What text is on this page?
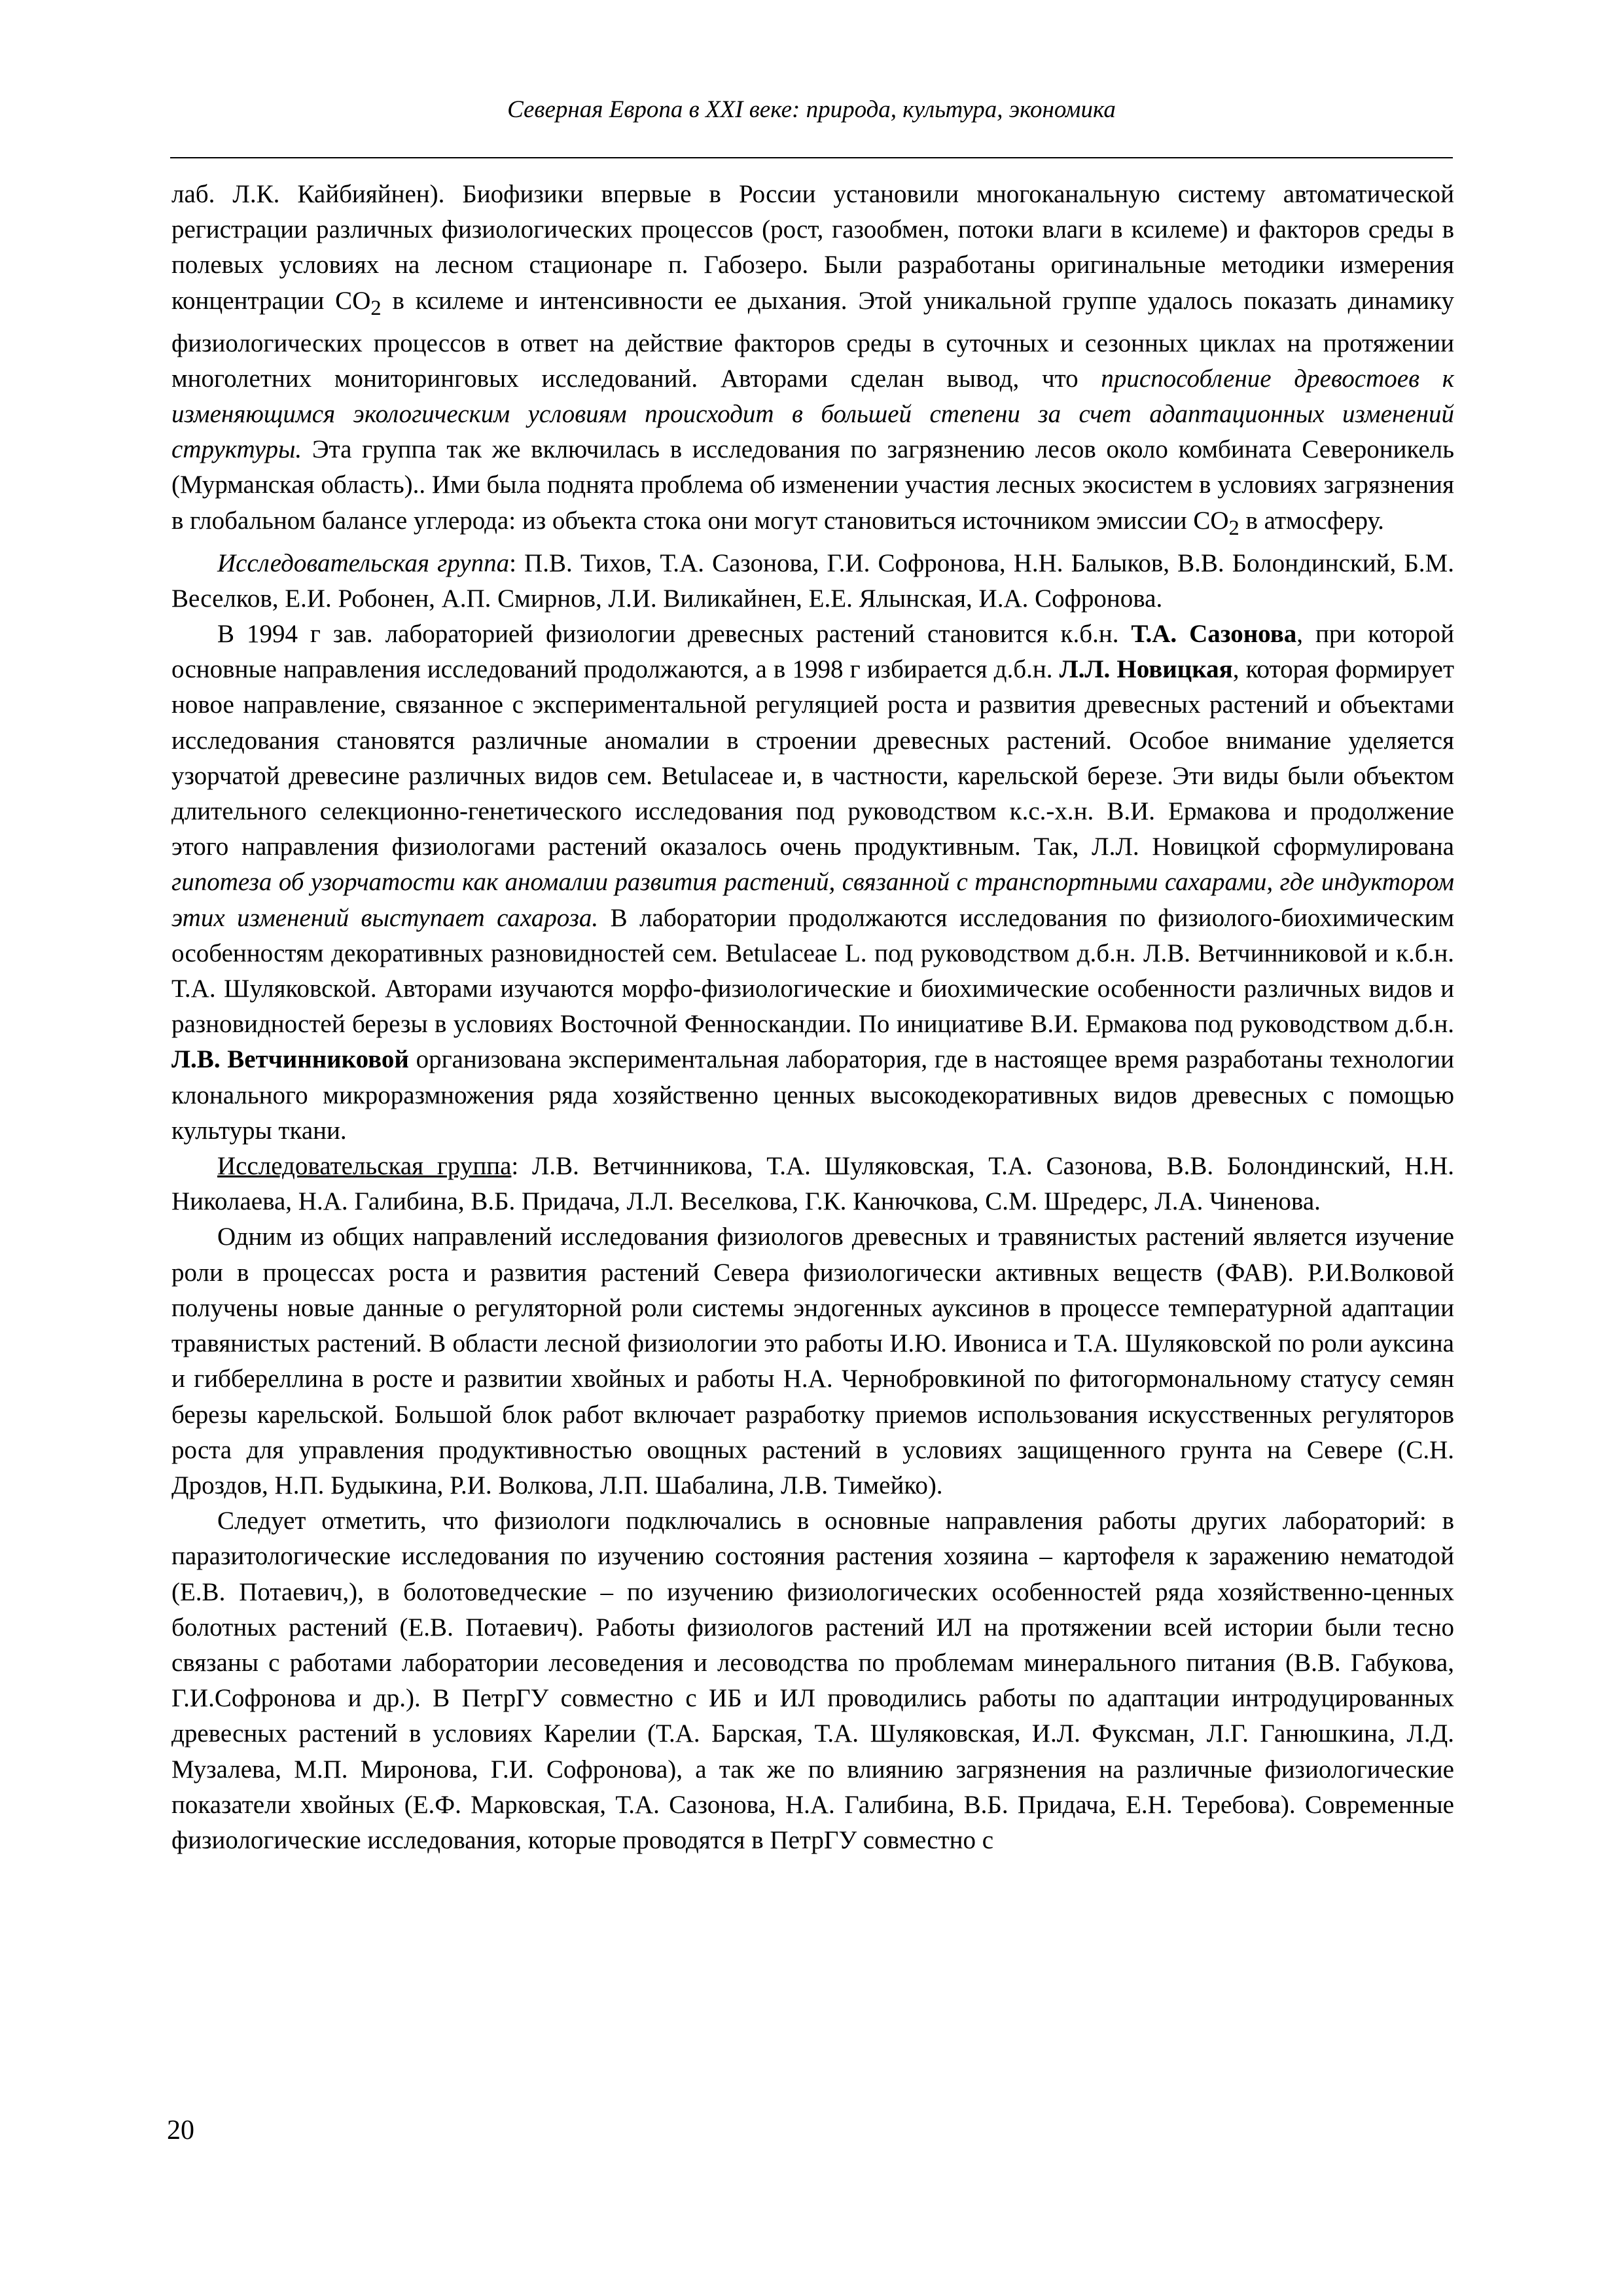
Северная Европа в XXI веке: природа, культура, экономика

лаб. Л.К. Кайбияйнен). Биофизики впервые в России установили многоканальную систему автоматической регистрации различных физиологических процессов (рост, газообмен, потоки влаги в ксилеме) и факторов среды в полевых условиях на лесном стационаре п. Габозеро. Были разработаны оригинальные методики измерения концентрации $CO_2$ в ксилеме и интенсивности ее дыхания. Этой уникальной группе удалось показать динамику физиологических процессов в ответ на действие факторов среды в суточных и сезонных циклах на протяжении многолетних мониторинговых исследований. Авторами сделан вывод, что приспособление древостоев к изменяющимся экологическим условиям происходит в большей степени за счет адаптационных изменений структуры. Эта группа так же включилась в исследования по загрязнению лесов около комбината Североникель (Мурманская область).. Ими была поднята проблема об изменении участия лесных экосистем в условиях загрязнения в глобальном балансе углерода: из объекта стока они могут становиться источником эмиссии $CO_2$ в атмосферу.

Исследовательская группа: П.В. Тихов, Т.А. Сазонова, Г.И. Софронова, Н.Н. Балыков, В.В. Болондинский, Б.М. Веселков, Е.И. Робонен, А.П. Смирнов, Л.И. Виликайнен, Е.Е. Ялынская, И.А. Софронова.

В 1994 г зав. лабораторией физиологии древесных растений становится к.б.н. Т.А. Сазонова, при которой основные направления исследований продолжаются, а в 1998 г избирается д.б.н. Л.Л. Новицкая, которая формирует новое направление, связанное с экспериментальной регуляцией роста и развития древесных растений и объектами исследования становятся различные аномалии в строении древесных растений. Особое внимание уделяется узорчатой древесине различных видов сем. Betulaceae и, в частности, карельской березе. Эти виды были объектом длительного селекционно-генетического исследования под руководством к.с.-х.н. В.И. Ермакова и продолжение этого направления физиологами растений оказалось очень продуктивным. Так, Л.Л. Новицкой сформулирована гипотеза об узорчатости как аномалии развития растений, связанной с транспортными сахарами, где индуктором этих изменений выступает сахароза. В лаборатории продолжаются исследования по физиолого-биохимическим особенностям декоративных разновидностей сем. Betulaceae L. под руководством д.б.н. Л.В. Ветчинниковой и к.б.н. Т.А. Шуляковской. Авторами изучаются морфо-физиологические и биохимические особенности различных видов и разновидностей березы в условиях Восточной Фенноскандии. По инициативе В.И. Ермакова под руководством д.б.н. Л.В. Ветчинниковой организована экспериментальная лаборатория, где в настоящее время разработаны технологии клонального микроразмножения ряда хозяйственно ценных высокодекоративных видов древесных с помощью культуры ткани.

Исследовательская группа: Л.В. Ветчинникова, Т.А. Шуляковская, Т.А. Сазонова, В.В. Болондинский, Н.Н. Николаева, Н.А. Галибина, В.Б. Придача, Л.Л. Веселкова, Г.К. Канючкова, С.М. Шредерс, Л.А. Чиненова.

Одним из общих направлений исследования физиологов древесных и травянистых растений является изучение роли в процессах роста и развития растений Севера физиологически активных веществ (ФАВ). Р.И.Волковой получены новые данные о регуляторной роли системы эндогенных ауксинов в процессе температурной адаптации травянистых растений. В области лесной физиологии это работы И.Ю. Ивониса и Т.А. Шуляковской по роли ауксина и гиббереллина в росте и развитии хвойных и работы Н.А. Чернобровкиной по фитогормональному статусу семян березы карельской. Большой блок работ включает разработку приемов использования искусственных регуляторов роста для управления продуктивностью овощных растений в условиях защищенного грунта на Севере (С.Н. Дроздов, Н.П. Будыкина, Р.И. Волкова, Л.П. Шабалина, Л.В. Тимейко).

Следует отметить, что физиологи подключались в основные направления работы других лабораторий: в паразитологические исследования по изучению состояния растения хозяина – картофеля к заражению нематодой (Е.В. Потаевич,), в болотоведческие – по изучению физиологических особенностей ряда хозяйственно-ценных болотных растений (Е.В. Потаевич). Работы физиологов растений ИЛ на протяжении всей истории были тесно связаны с работами лаборатории лесоведения и лесоводства по проблемам минерального питания (В.В. Габукова, Г.И.Софронова и др.). В ПетрГУ совместно с ИБ и ИЛ проводились работы по адаптации интродуцированных древесных растений в условиях Карелии (Т.А. Барская, Т.А. Шуляковская, И.Л. Фуксман, Л.Г. Ганюшкина, Л.Д. Музалева, М.П. Миронова, Г.И. Софронова), а так же по влиянию загрязнения на различные физиологические показатели хвойных (Е.Ф. Марковская, Т.А. Сазонова, Н.А. Галибина, В.Б. Придача, Е.Н. Теребова). Современные физиологические исследования, которые проводятся в ПетрГУ совместно с

20
